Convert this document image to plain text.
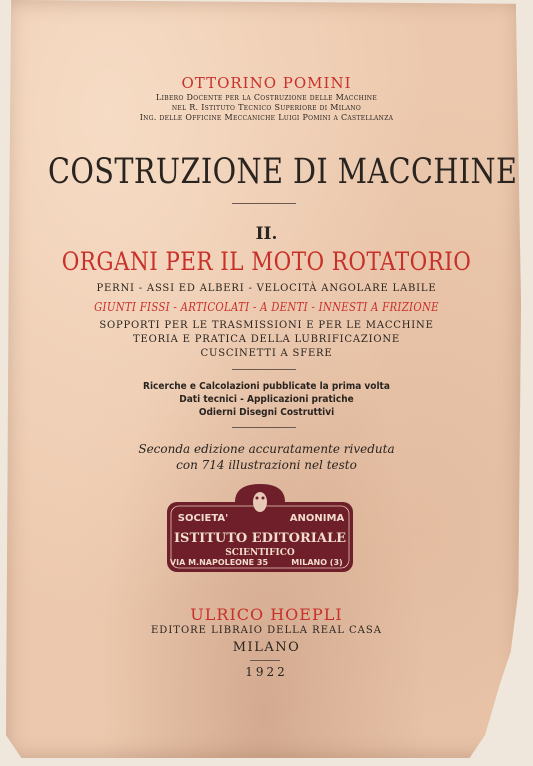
OTTORINO POMINI
Libero Docente per la Costruzione delle Macchine
nel R. Istituto Tecnico Superiore di Milano
Ing. delle Officine Meccaniche Luigi Pomini a Castellanza
COSTRUZIONE DI MACCHINE
II.
ORGANI PER IL MOTO ROTATORIO
PERNI - ASSI ED ALBERI - VELOCITÀ ANGOLARE LABILE
GIUNTI FISSI - ARTICOLATI - A DENTI - INNESTI A FRIZIONE
SOPPORTI PER LE TRASMISSIONI E PER LE MACCHINE
TEORIA E PRATICA DELLA LUBRIFICAZIONE
CUSCINETTI A SFERE
Ricerche e Calcolazioni pubblicate la prima volta
Dati tecnici - Applicazioni pratiche
Odierni Disegni Costruttivi
Seconda edizione accuratamente riveduta
con 714 illustrazioni nel testo
SOCIETA'	ANONIMA
ISTITUTO EDITORIALE
SCIENTIFICO
VIA M.NAPOLEONE 35	MILANO (3)
ULRICO HOEPLI
EDITORE LIBRAIO DELLA REAL CASA
MILANO
1922
